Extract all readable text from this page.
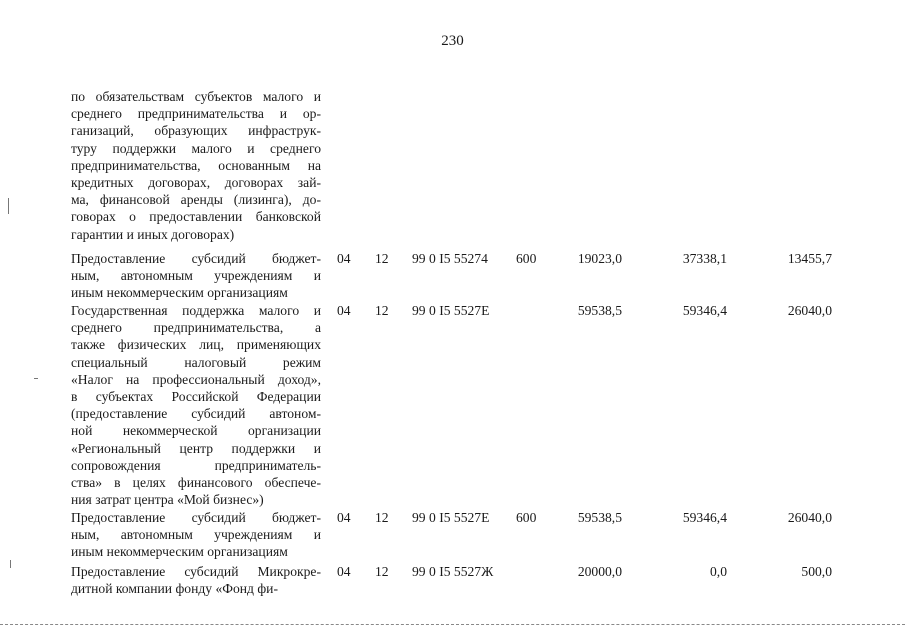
230
по обязательствам субъектов малого и
среднего предпринимательства и ор-
ганизаций, образующих инфраструк-
туру поддержки малого и среднего
предпринимательства, основанным на
кредитных договорах, договорах зай-
ма, финансовой аренды (лизинга), до-
говорах о предоставлении банковской
гарантии и иных договорах)
Предоставление субсидий бюджет-
ным, автономным учреждениям и
иным некоммерческим организациям
04 12 99 0 I5 55274 600	19023,0	37338,1	13455,7
Государственная поддержка малого и
среднего предпринимательства, а
также физических лиц, применяющих
специальный налоговый режим
«Налог на профессиональный доход»,
в субъектах Российской Федерации
(предоставление субсидий автоном-
ной некоммерческой организации
«Региональный центр поддержки и
сопровождения предприниматель-
ства» в целях финансового обеспече-
ния затрат центра «Мой бизнес»)
04 12 99 0 I5 5527Е	59538,5	59346,4	26040,0
Предоставление субсидий бюджет-
ным, автономным учреждениям и
иным некоммерческим организациям
04 12 99 0 I5 5527Е 600	59538,5	59346,4	26040,0
Предоставление субсидий Микрокре-
дитной компании фонду «Фонд фи-
04 12 99 0 I5 5527Ж	20000,0	0,0	500,0
